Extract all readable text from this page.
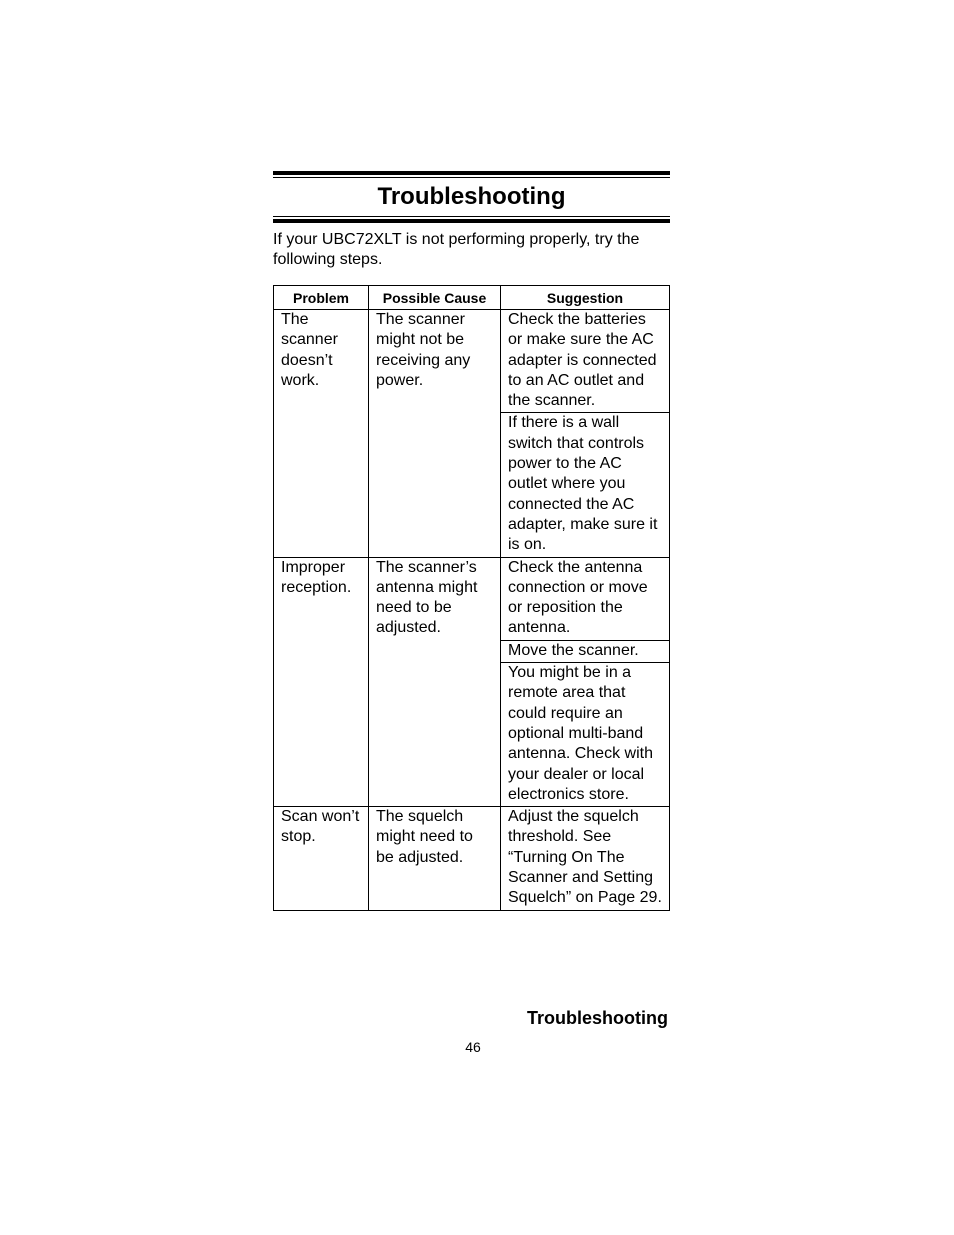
Troubleshooting
If your UBC72XLT is not performing properly, try the following steps.
Problem	Possible Cause	Suggestion
The scanner doesn’t work.	The scanner might not be receiving any power.	Check the batteries or make sure the AC adapter is connected to an AC outlet and the scanner.
		If there is a wall switch that controls power to the AC outlet where you connected the AC adapter, make sure it is on.
Improper reception.	The scanner’s antenna might need to be adjusted.	Check the antenna connection or move or reposition the antenna.
		Move the scanner.
		You might be in a remote area that could require an optional multi-band antenna. Check with your dealer or local electronics store.
Scan won’t stop.	The squelch might need to be adjusted.	Adjust the squelch threshold. See “Turning On The Scanner and Setting Squelch” on Page 29.
Troubleshooting
46
